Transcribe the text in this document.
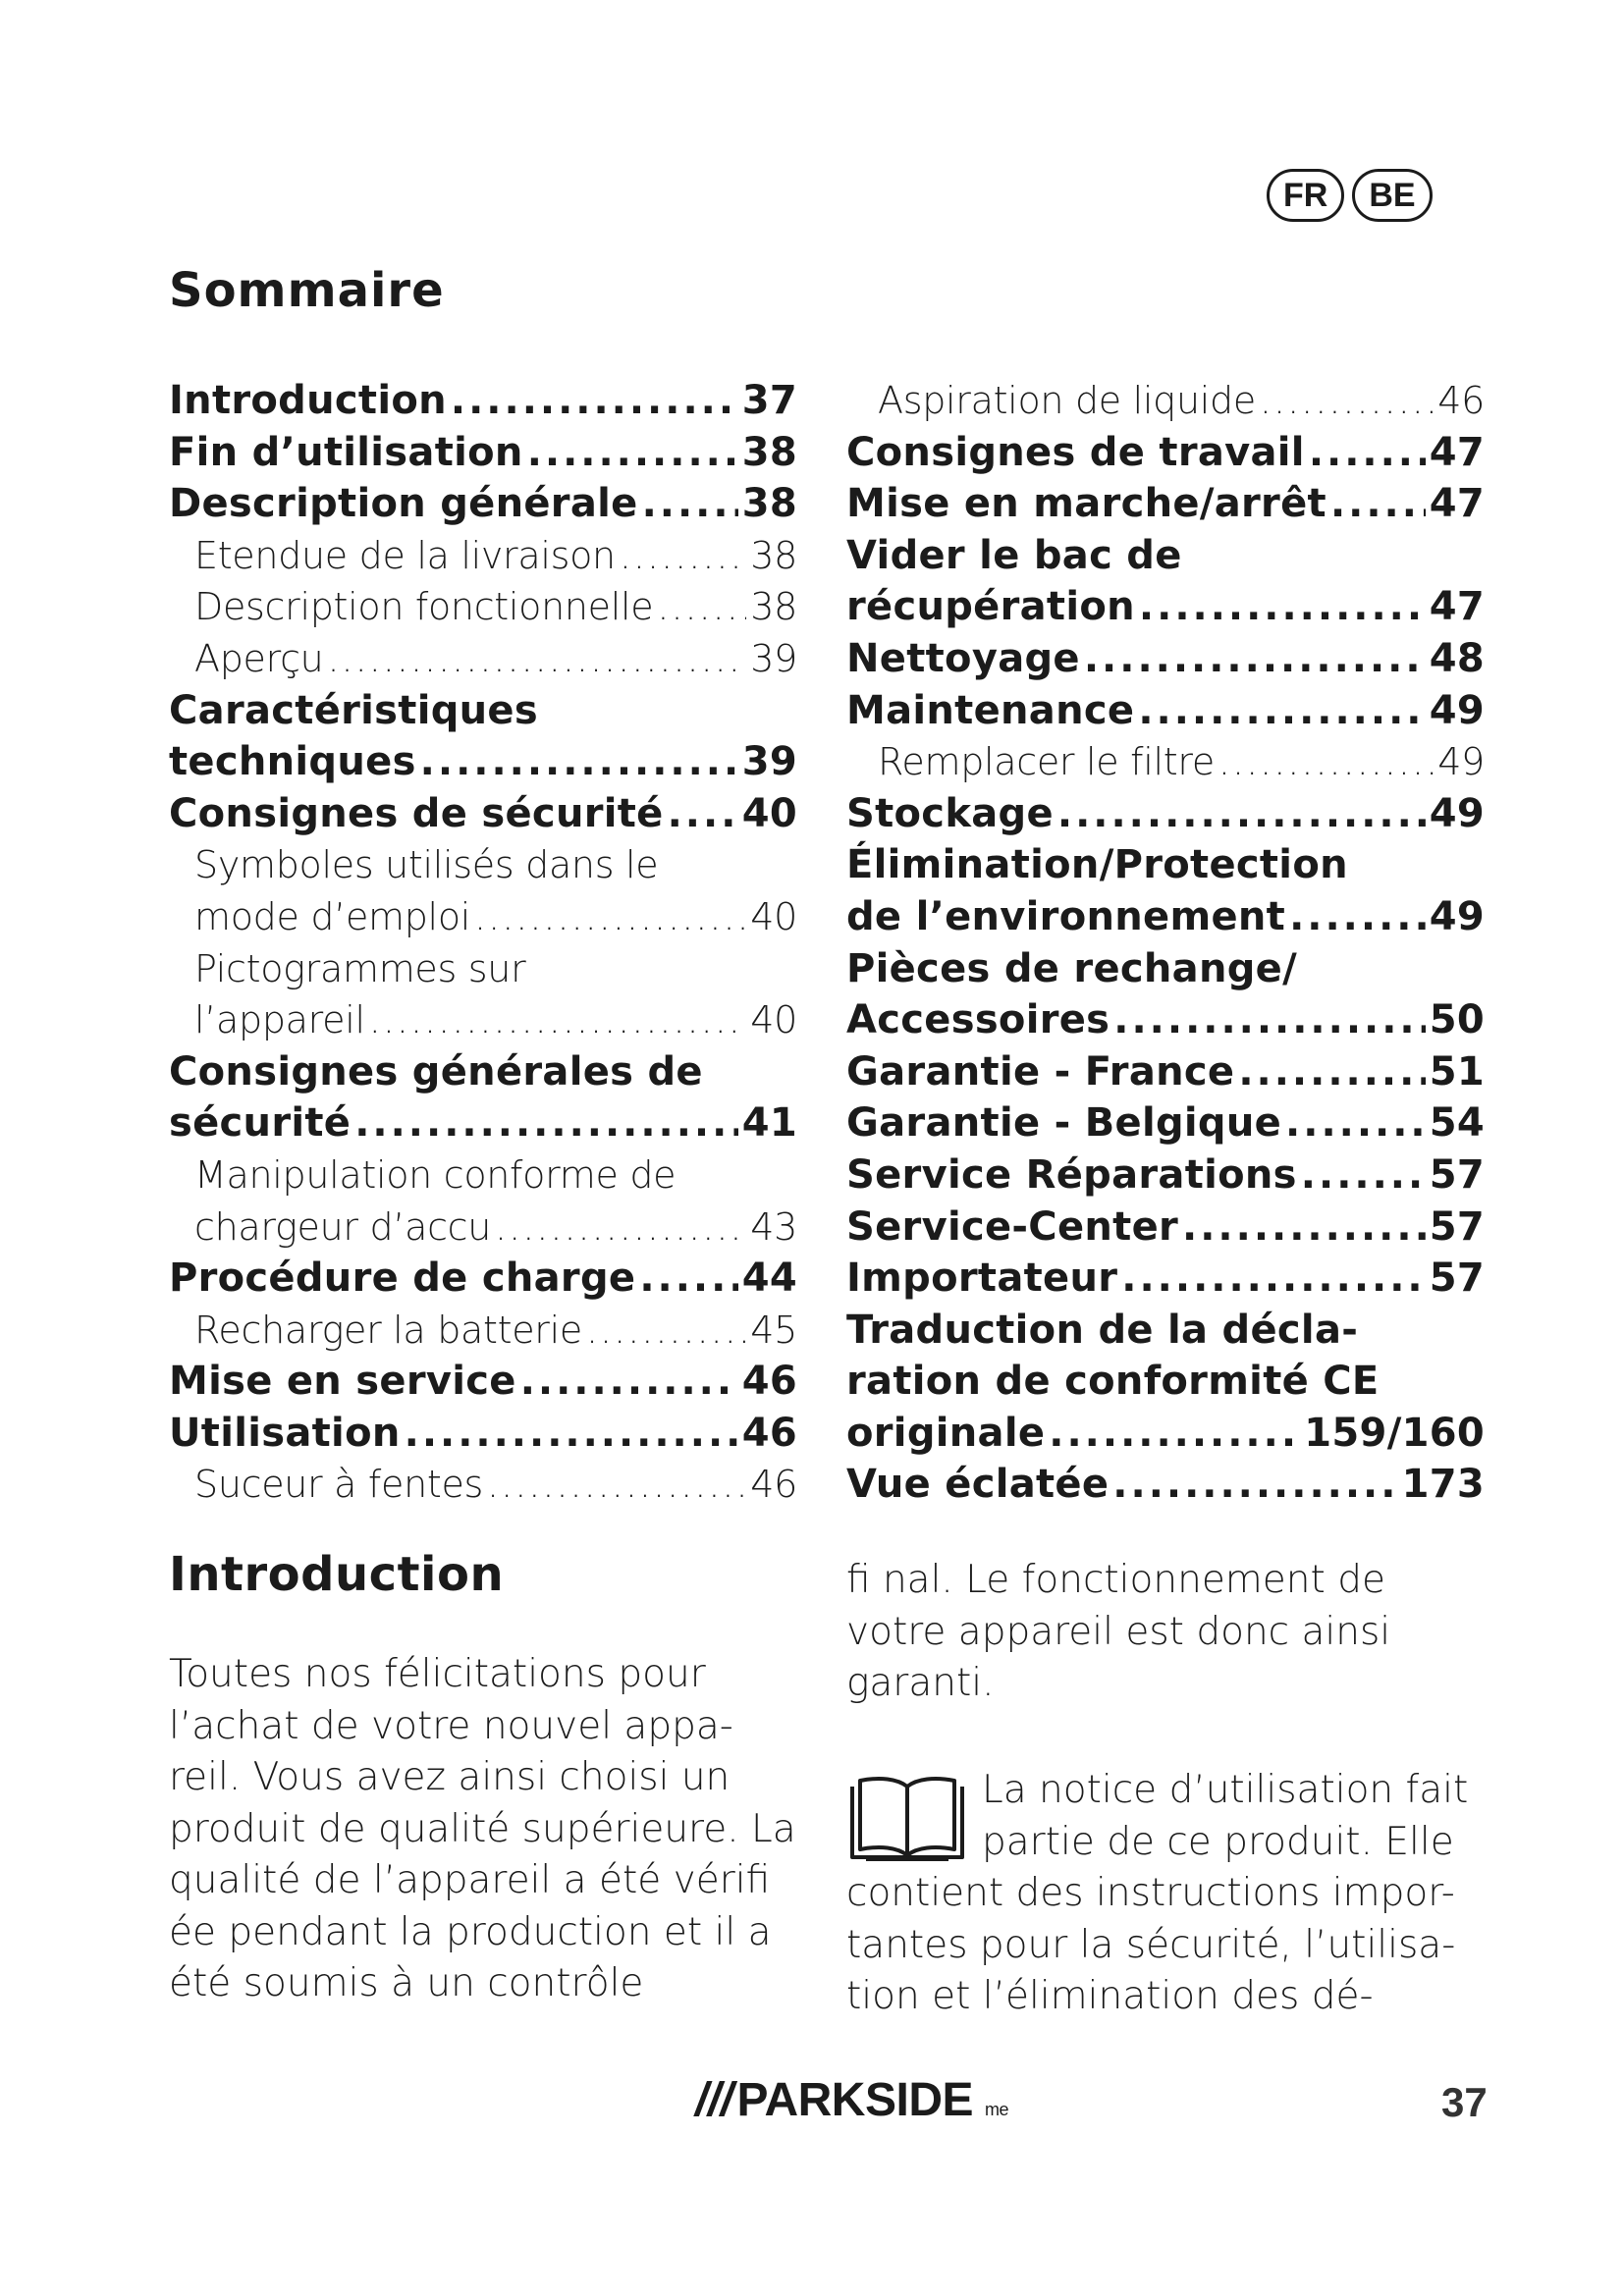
FR	BE
Sommaire
Introduction .....	37
Fin d’utilisation .....	38
Description générale .....	38
Etendue de la livraison .....	38
Description fonctionnelle .....	38
Aperçu .....	39
Caractéristiques
techniques .....	39
Consignes de sécurité ..... 40
Symboles utilisés dans le
mode d’emploi .....	40
Pictogrammes sur
l’appareil .....	40
Consignes générales de
sécurité .....	41
Manipulation conforme de
chargeur d’accu .....	43
Procédure de charge .....	44
Recharger la batterie .....	45
Mise en service .....	46
Utilisation .....	46
Suceur à fentes .....	46
Aspiration de liquide .....	46
Consignes de travail .....	47
Mise en marche/arrêt .....	47
Vider le bac de
récupération .....	47
Nettoyage .....	48
Maintenance .....	49
Remplacer le filtre .....	49
Stockage .....	49
Élimination/Protection
de l’environnement .....	49
Pièces de rechange/
Accessoires .....	50
Garantie - France .....	51
Garantie - Belgique .....	54
Service Réparations .....	57
Service-Center .....	57
Importateur .....	57
Traduction de la décla-
ration de conformité CE
originale .....	159/160
Vue éclatée .....	173
Introduction

Toutes nos félicitations pour l’achat de votre nouvel appa-reil. Vous avez ainsi choisi un produit de qualité supérieure. La qualité de l’appareil a été vérifi ée pendant la production et il a été soumis à un contrôle

fi nal. Le fonctionnement de votre appareil est donc ainsi garanti.

La notice d’utilisation fait partie de ce produit. Elle contient des instructions impor-tantes pour la sécurité, l’utilisa-tion et l’élimination des dé-
/// PARKSIDE me	37
